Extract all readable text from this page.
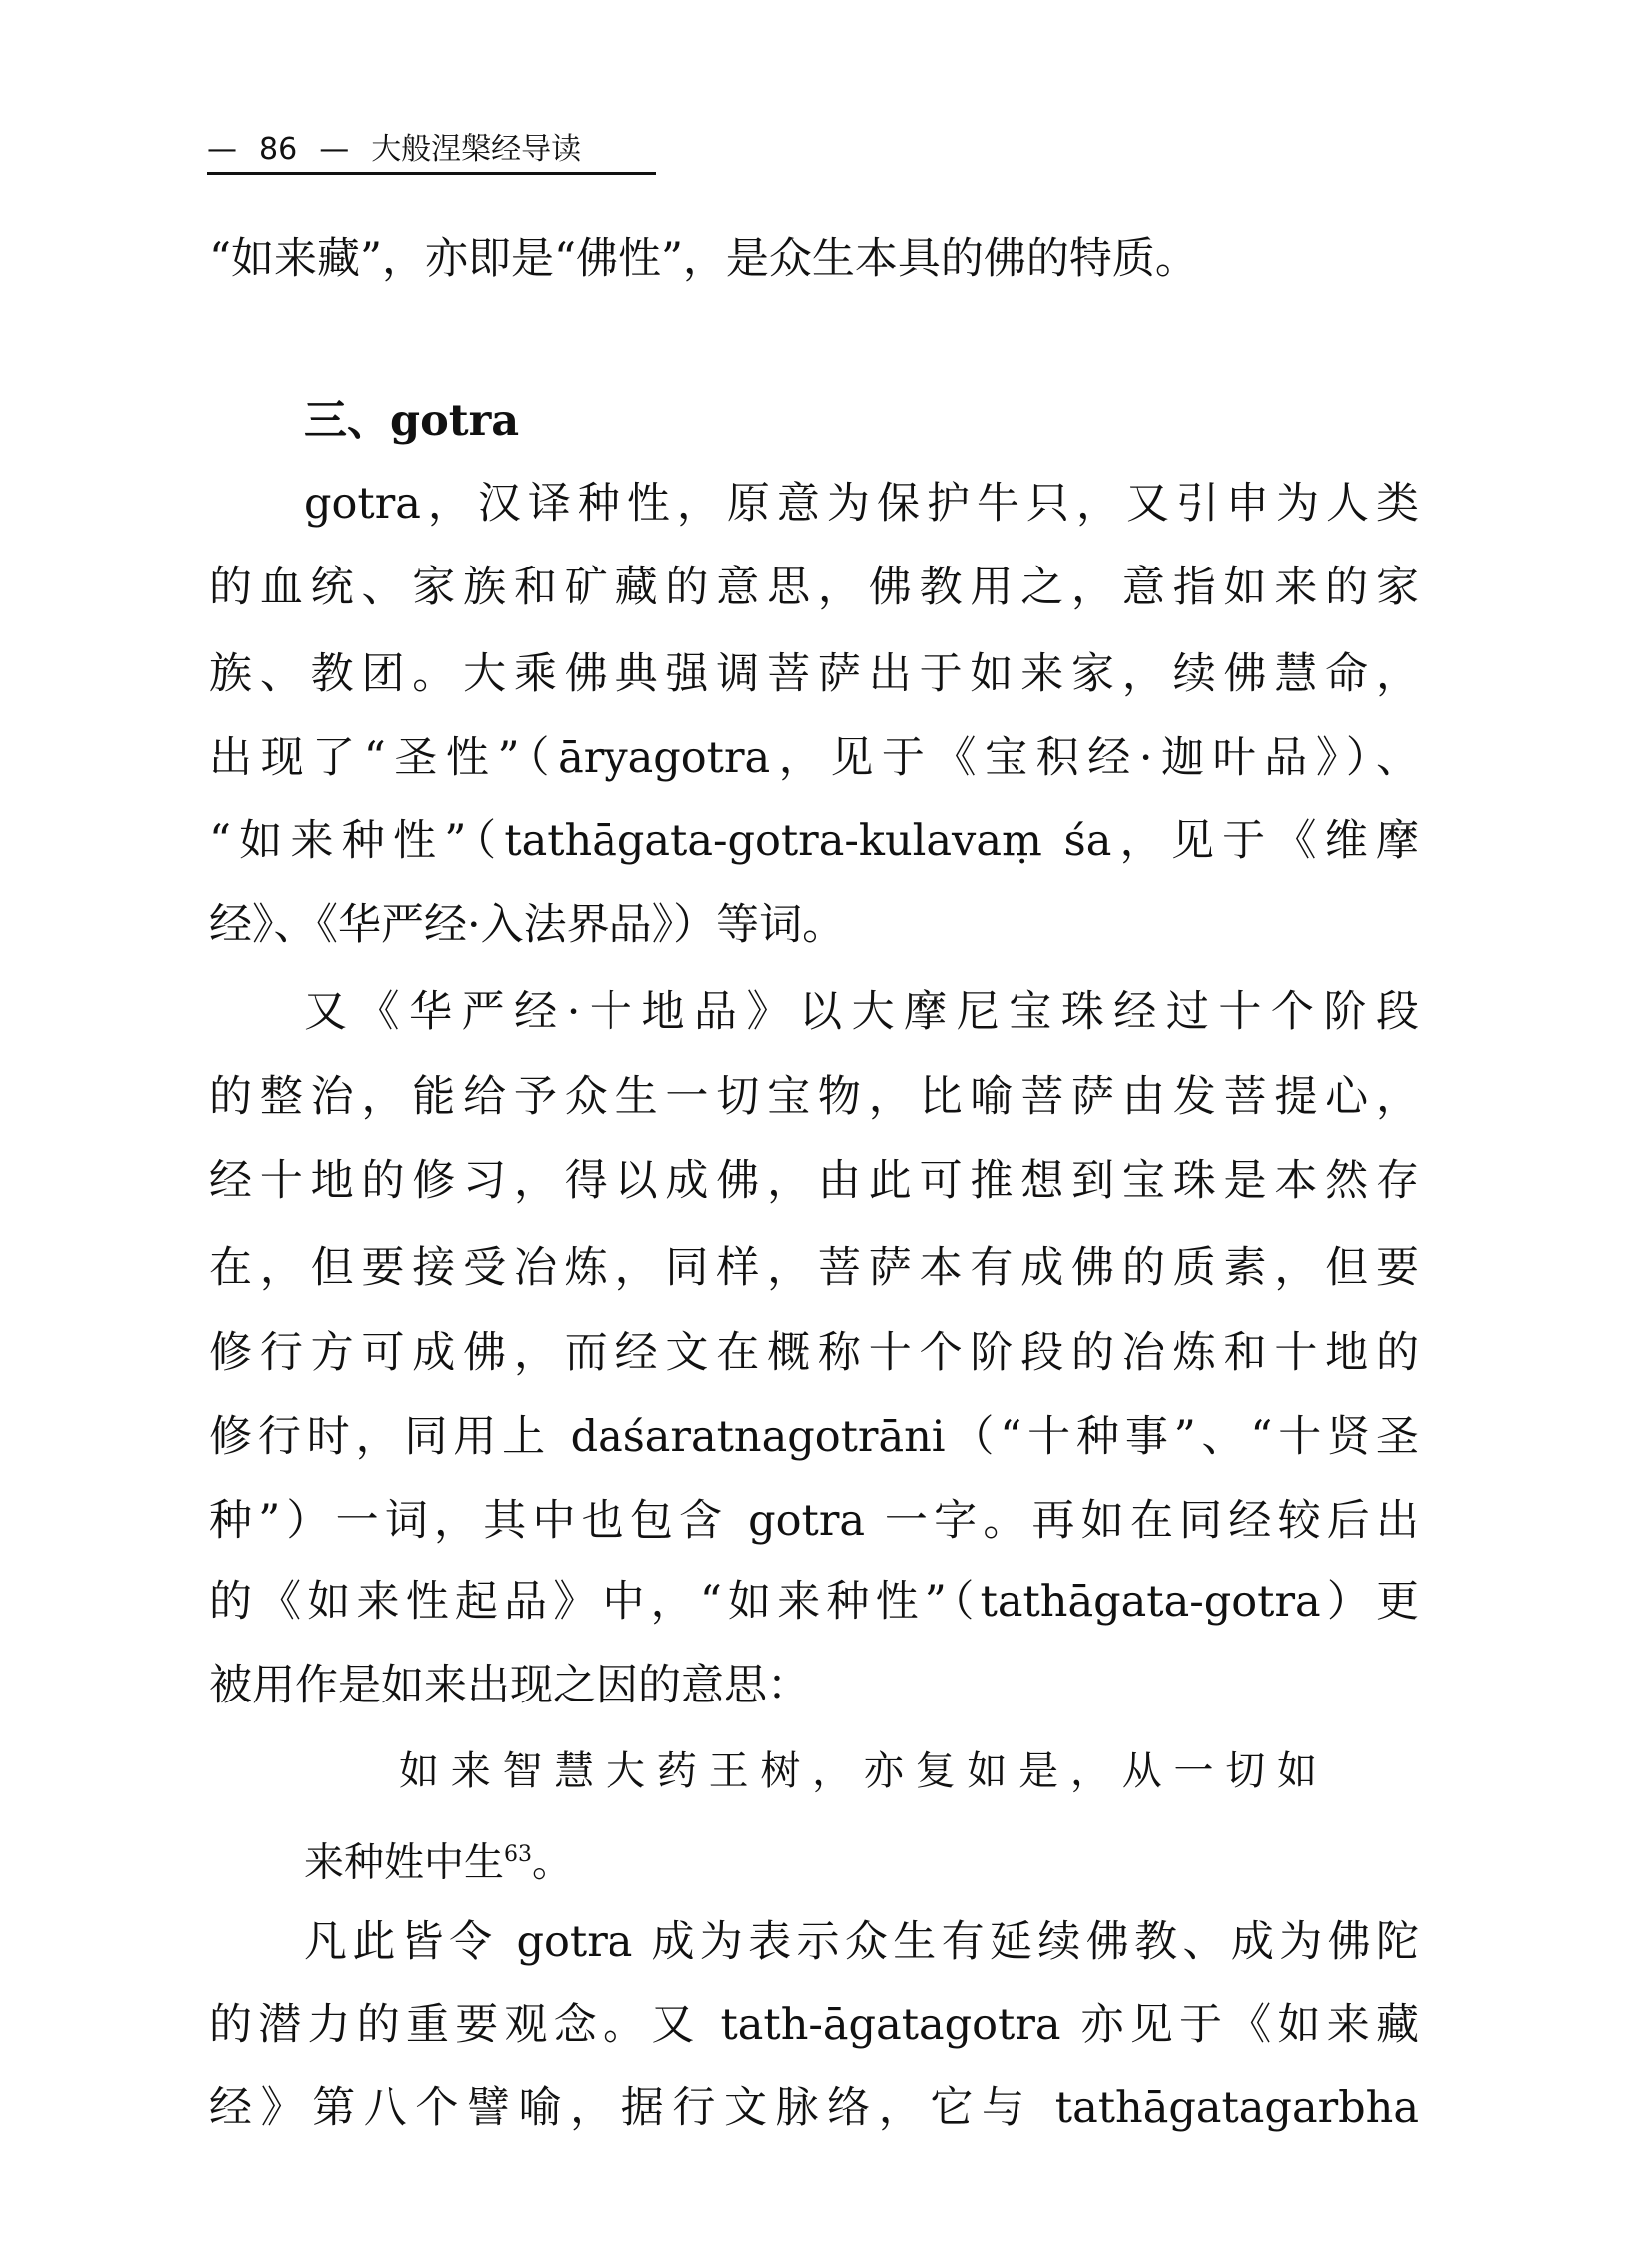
— 86 — 大般涅槃经导读
“如来藏”，亦即是“佛性”，是众生本具的佛的特质。
三、gotra
gotra，汉译种性，原意为保护牛只，又引申为人类
的血统、家族和矿藏的意思，佛教用之，意指如来的家
族、教团。大乘佛典强调菩萨出于如来家，续佛慧命，
出现了“圣性”（āryagotra，见于《宝积经·迦叶品》）、
“如来种性”（tathāgata-gotra-kulavaṃ śa，见于《维摩
经》、《华严经·入法界品》）等词。
又《华严经·十地品》以大摩尼宝珠经过十个阶段
的整治，能给予众生一切宝物，比喻菩萨由发菩提心，
经十地的修习，得以成佛，由此可推想到宝珠是本然存
在，但要接受冶炼，同样，菩萨本有成佛的质素，但要
修行方可成佛，而经文在概称十个阶段的冶炼和十地的
修行时，同用上 daśaratnagotrāni（“十种事”、“十贤圣
种”）一词，其中也包含 gotra 一字。再如在同经较后出
的《如来性起品》中，“如来种性”（tathāgata-gotra）更
被用作是如来出现之因的意思：
如来智慧大药王树，亦复如是，从一切如
来种姓中生$^{63}$。
凡此皆令 gotra 成为表示众生有延续佛教、成为佛陀
的潜力的重要观念。又 tath-āgatagotra 亦见于《如来藏
经》第八个譬喻，据行文脉络，它与 tathāgatagarbha
